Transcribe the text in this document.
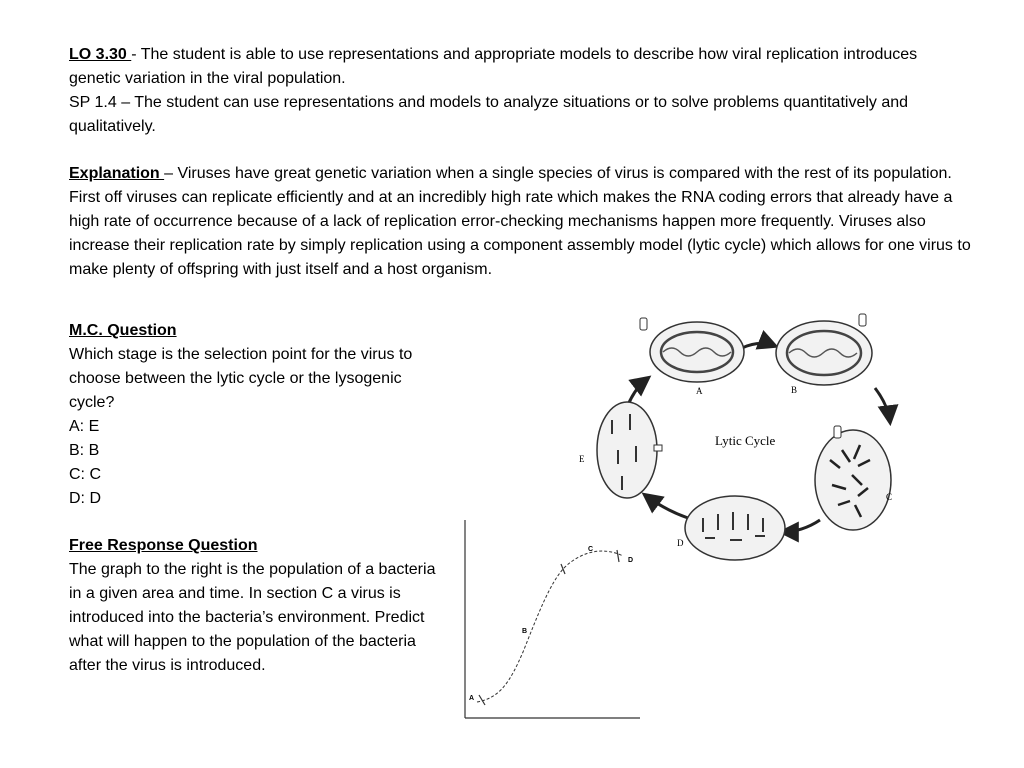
LO 3.30 - The student is able to use representations and appropriate models to describe how viral replication introduces genetic variation in the viral population.
SP 1.4 – The student can use representations and models to analyze situations or to solve problems quantitatively and qualitatively.
Explanation – Viruses have great genetic variation when a single species of virus is compared with the rest of its population. First off viruses can replicate efficiently and at an incredibly high rate which makes the RNA coding errors that already have a high rate of occurrence because of a lack of replication error-checking mechanisms happen more frequently. Viruses also increase their replication rate by simply replication using a component assembly model (lytic cycle) which allows for one virus to make plenty of offspring with just itself and a host organism.
M.C. Question
Which stage is the selection point for the virus to choose between the lytic cycle or the lysogenic cycle?
A: E
B: B
C: C
D: D
Free Response Question
The graph to the right is the population of a bacteria in a given area and time. In section C a virus is introduced into the bacteria’s environment. Predict what will happen to the population of the bacteria after the virus is introduced.
Lytic Cycle
A	B
C
D
E
A
B
C
D
